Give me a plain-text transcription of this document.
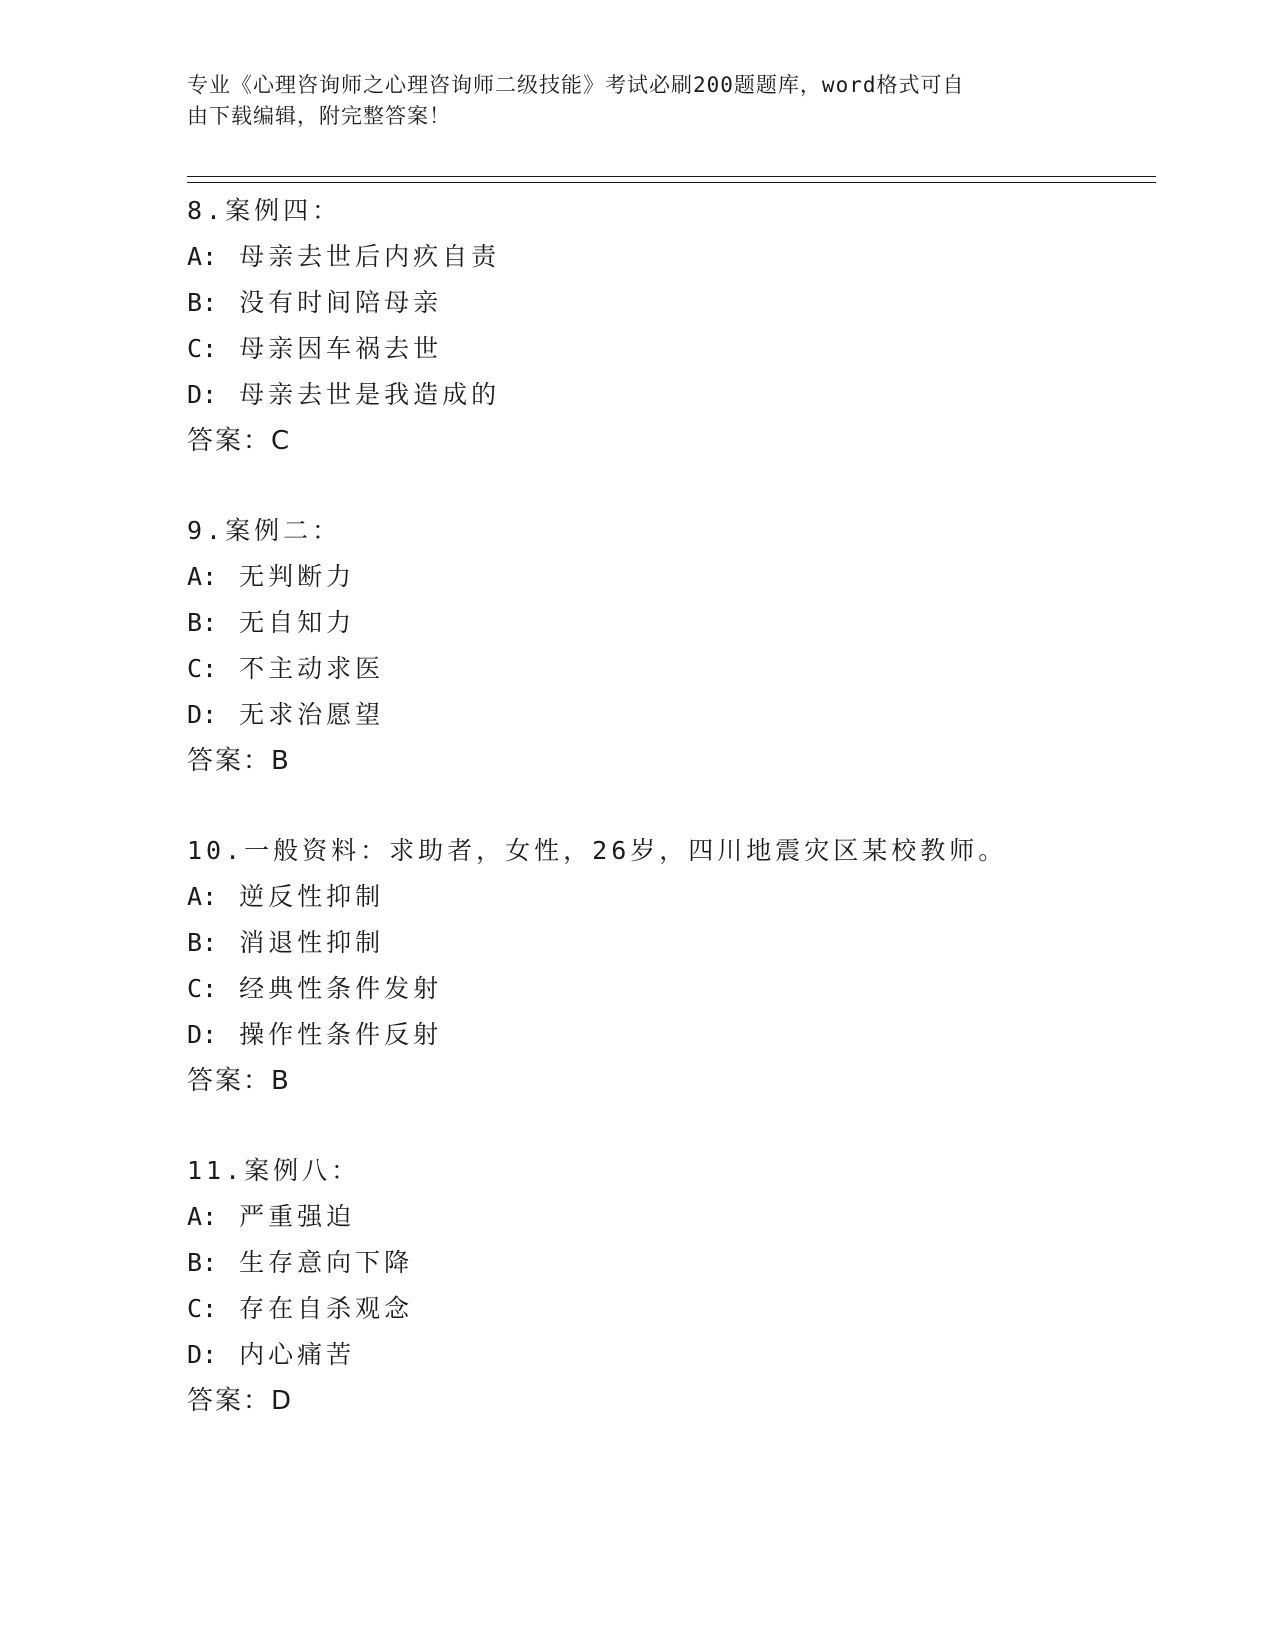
专业《心理咨询师之心理咨询师二级技能》考试必刷200题题库，word格式可自
由下载编辑，附完整答案！
8.案例四：
A: 母亲去世后内疚自责
B: 没有时间陪母亲
C: 母亲因车祸去世
D: 母亲去世是我造成的
答案：C
9.案例二：
A: 无判断力
B: 无自知力
C: 不主动求医
D: 无求治愿望
答案：B
10.一般资料：求助者，女性，26岁，四川地震灾区某校教师。
A: 逆反性抑制
B: 消退性抑制
C: 经典性条件发射
D: 操作性条件反射
答案：B
11.案例八：
A: 严重强迫
B: 生存意向下降
C: 存在自杀观念
D: 内心痛苦
答案：D
